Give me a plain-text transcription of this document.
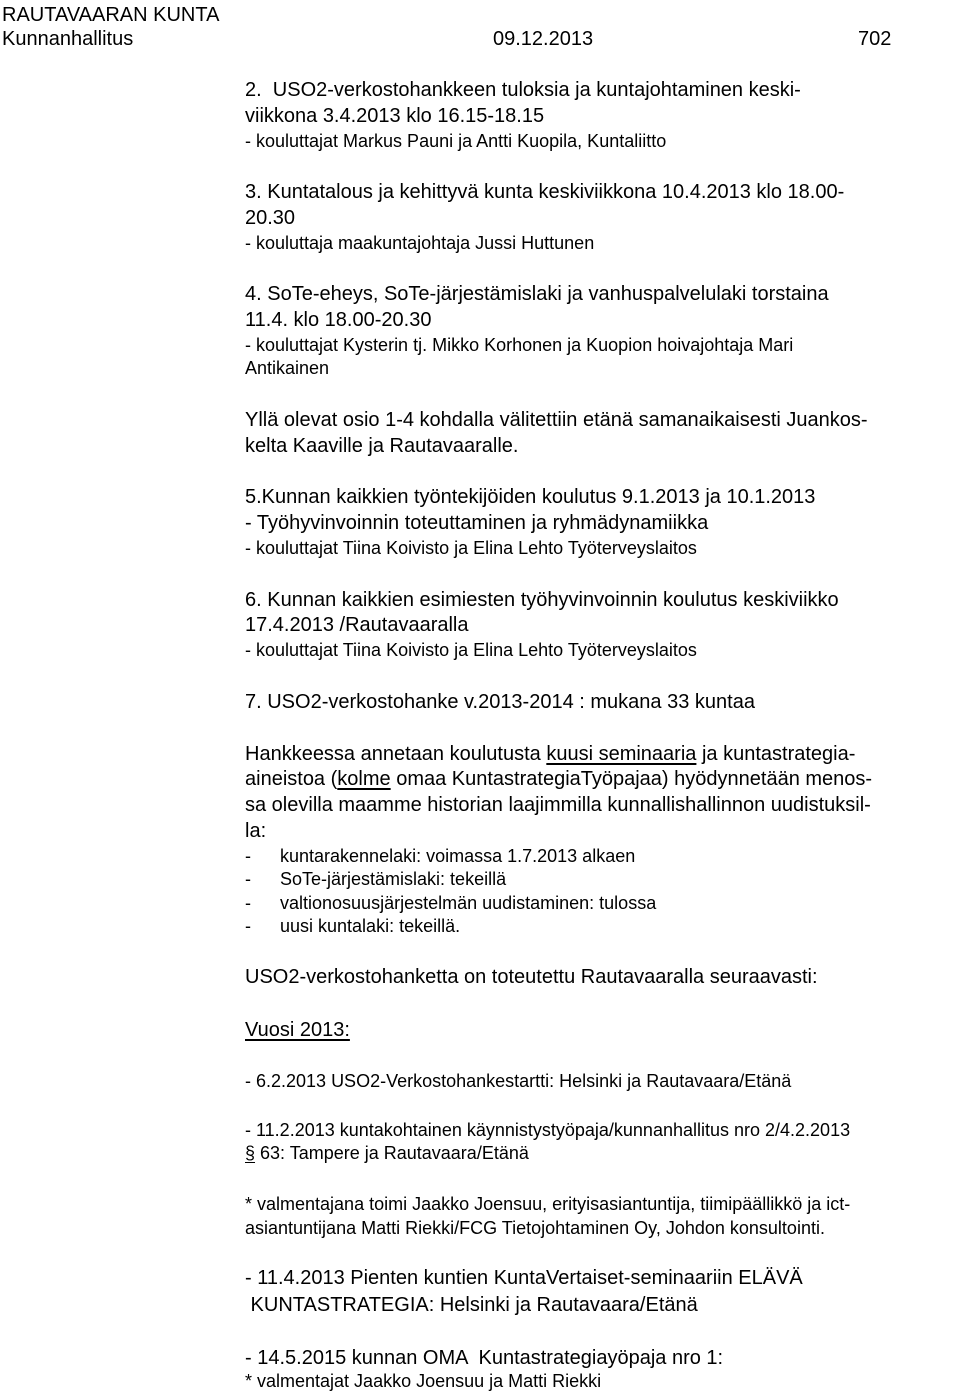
RAUTAVAARAN KUNTA
Kunnanhallitus	09.12.2013	702
2.  USO2-verkostohankkeen tuloksia ja kuntajohtaminen keski-
viikkona 3.4.2013 klo 16.15-18.15
- kouluttajat Markus Pauni ja Antti Kuopila, Kuntaliitto
3. Kuntatalous ja kehittyvä kunta keskiviikkona 10.4.2013 klo 18.00-
20.30
- kouluttaja maakuntajohtaja Jussi Huttunen
4. SoTe-eheys, SoTe-järjestämislaki ja vanhuspalvelulaki torstaina
11.4. klo 18.00-20.30
- kouluttajat Kysterin tj. Mikko Korhonen ja Kuopion hoivajohtaja Mari
Antikainen
Yllä olevat osio 1-4 kohdalla välitettiin etänä samanaikaisesti Juankos-
kelta Kaaville ja Rautavaaralle.
5.Kunnan kaikkien työntekijöiden koulutus 9.1.2013 ja 10.1.2013
- Työhyvinvoinnin toteuttaminen ja ryhmädynamiikka
- kouluttajat Tiina Koivisto ja Elina Lehto Työterveyslaitos
6. Kunnan kaikkien esimiesten työhyvinvoinnin koulutus keskiviikko
17.4.2013 /Rautavaaralla
- kouluttajat Tiina Koivisto ja Elina Lehto Työterveyslaitos
7. USO2-verkostohanke v.2013-2014 : mukana 33 kuntaa
Hankkeessa annetaan koulutusta kuusi seminaaria ja kuntastrategia-
aineistoa (kolme omaa KuntastrategiaTyöpajaa) hyödynnetään menos-
sa olevilla maamme historian laajimmilla kunnallishallinnon uudistuksil-
la:
- kuntarakennelaki: voimassa 1.7.2013 alkaen
- SoTe-järjestämislaki: tekeillä
- valtionosuusjärjestelmän uudistaminen: tulossa
- uusi kuntalaki: tekeillä.
USO2-verkostohanketta on toteutettu Rautavaaralla seuraavasti:
Vuosi 2013:
- 6.2.2013 USO2-Verkostohankestartti: Helsinki ja Rautavaara/Etänä
- 11.2.2013 kuntakohtainen käynnistystyöpaja/kunnanhallitus nro 2/4.2.2013
§ 63: Tampere ja Rautavaara/Etänä
* valmentajana toimi Jaakko Joensuu, erityisasiantuntija, tiimipäällikkö ja ict-
asiantuntijana Matti Riekki/FCG Tietojohtaminen Oy, Johdon konsultointi.
- 11.4.2013 Pienten kuntien KuntaVertaiset-seminaariin ELÄVÄ
KUNTASTRATEGIA: Helsinki ja Rautavaara/Etänä
- 14.5.2015 kunnan OMA  Kuntastrategiayöpaja nro 1:
* valmentajat Jaakko Joensuu ja Matti Riekki
